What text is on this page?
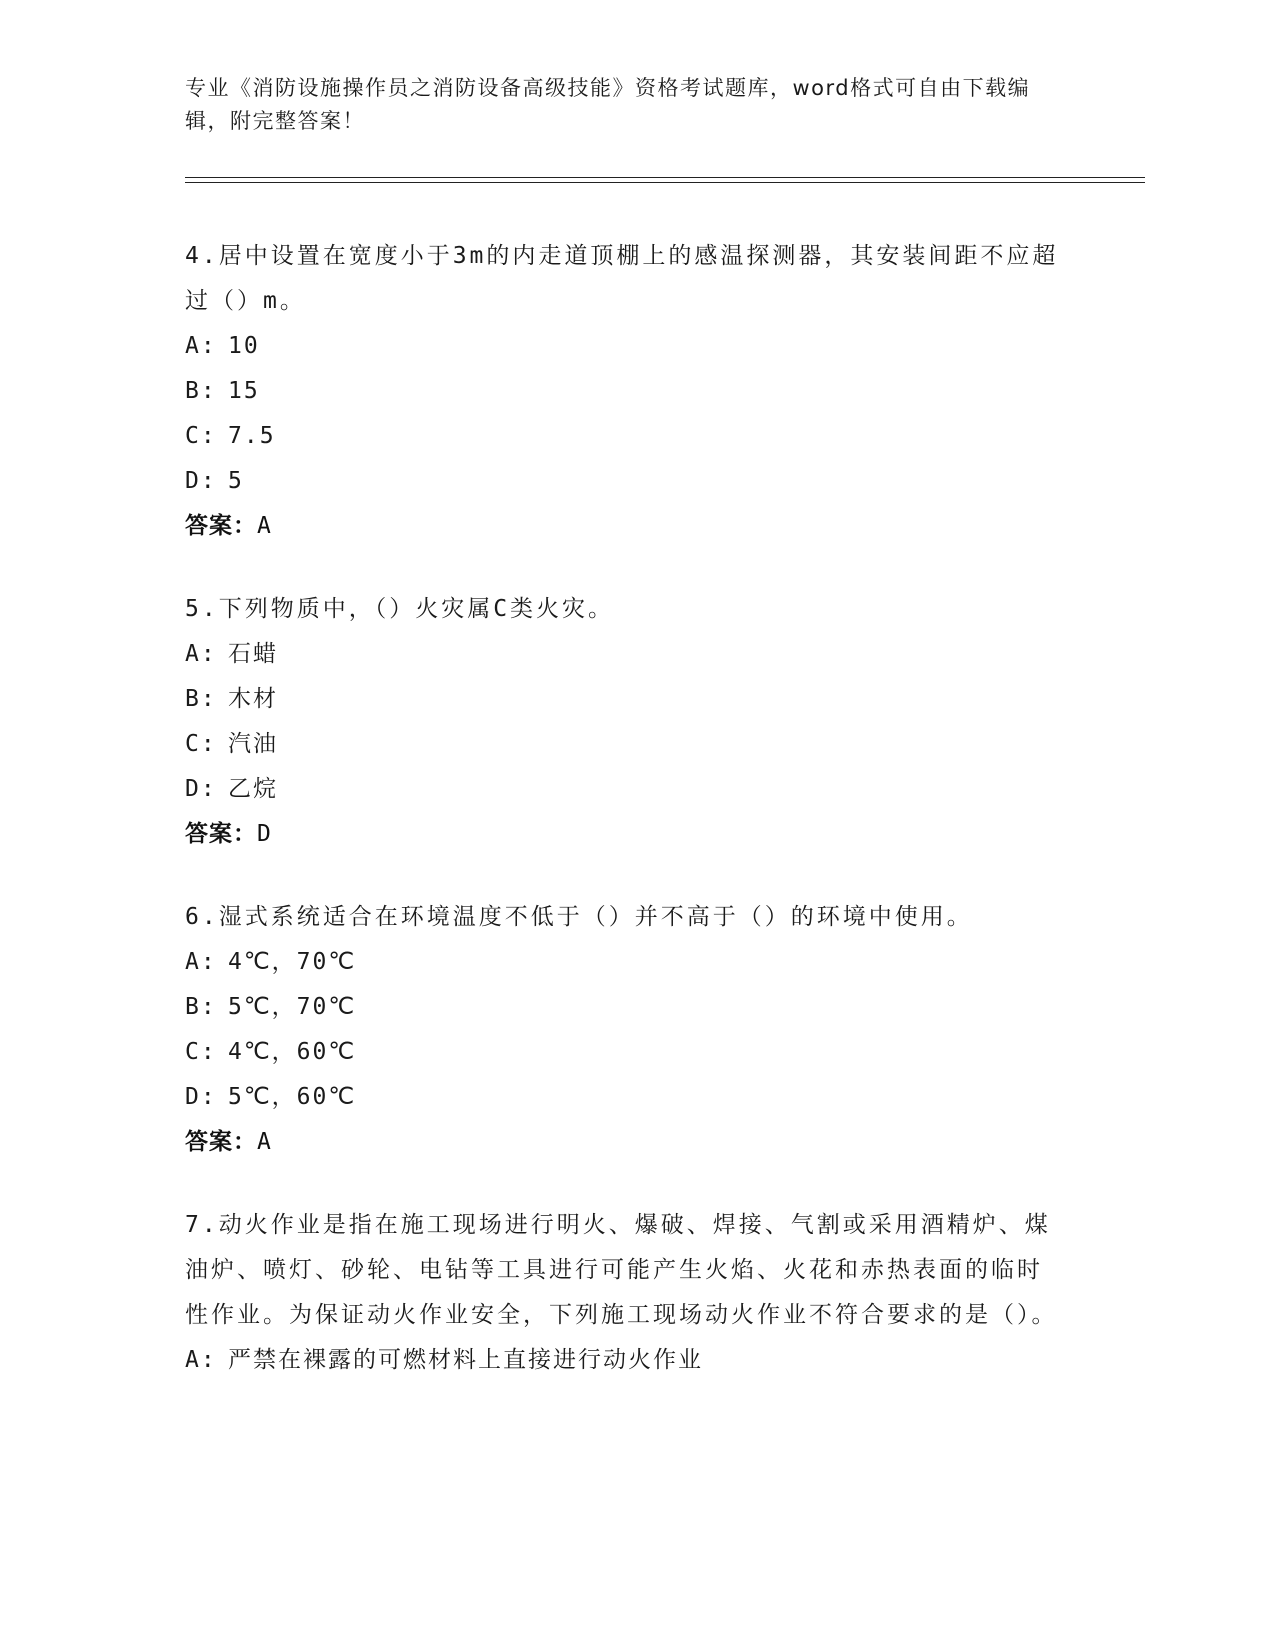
专业《消防设施操作员之消防设备高级技能》资格考试题库，word格式可自由下载编辑，附完整答案！
4.居中设置在宽度小于3m的内走道顶棚上的感温探测器，其安装间距不应超过（）m。
A: 10
B: 15
C: 7.5
D: 5
答案：A
5.下列物质中，（）火灾属C类火灾。
A: 石蜡
B: 木材
C: 汽油
D: 乙烷
答案：D
6.湿式系统适合在环境温度不低于（）并不高于（）的环境中使用。
A: 4℃，70℃
B: 5℃，70℃
C: 4℃，60℃
D: 5℃，60℃
答案：A
7.动火作业是指在施工现场进行明火、爆破、焊接、气割或采用酒精炉、煤油炉、喷灯、砂轮、电钻等工具进行可能产生火焰、火花和赤热表面的临时性作业。为保证动火作业安全，下列施工现场动火作业不符合要求的是（）。
A: 严禁在裸露的可燃材料上直接进行动火作业
